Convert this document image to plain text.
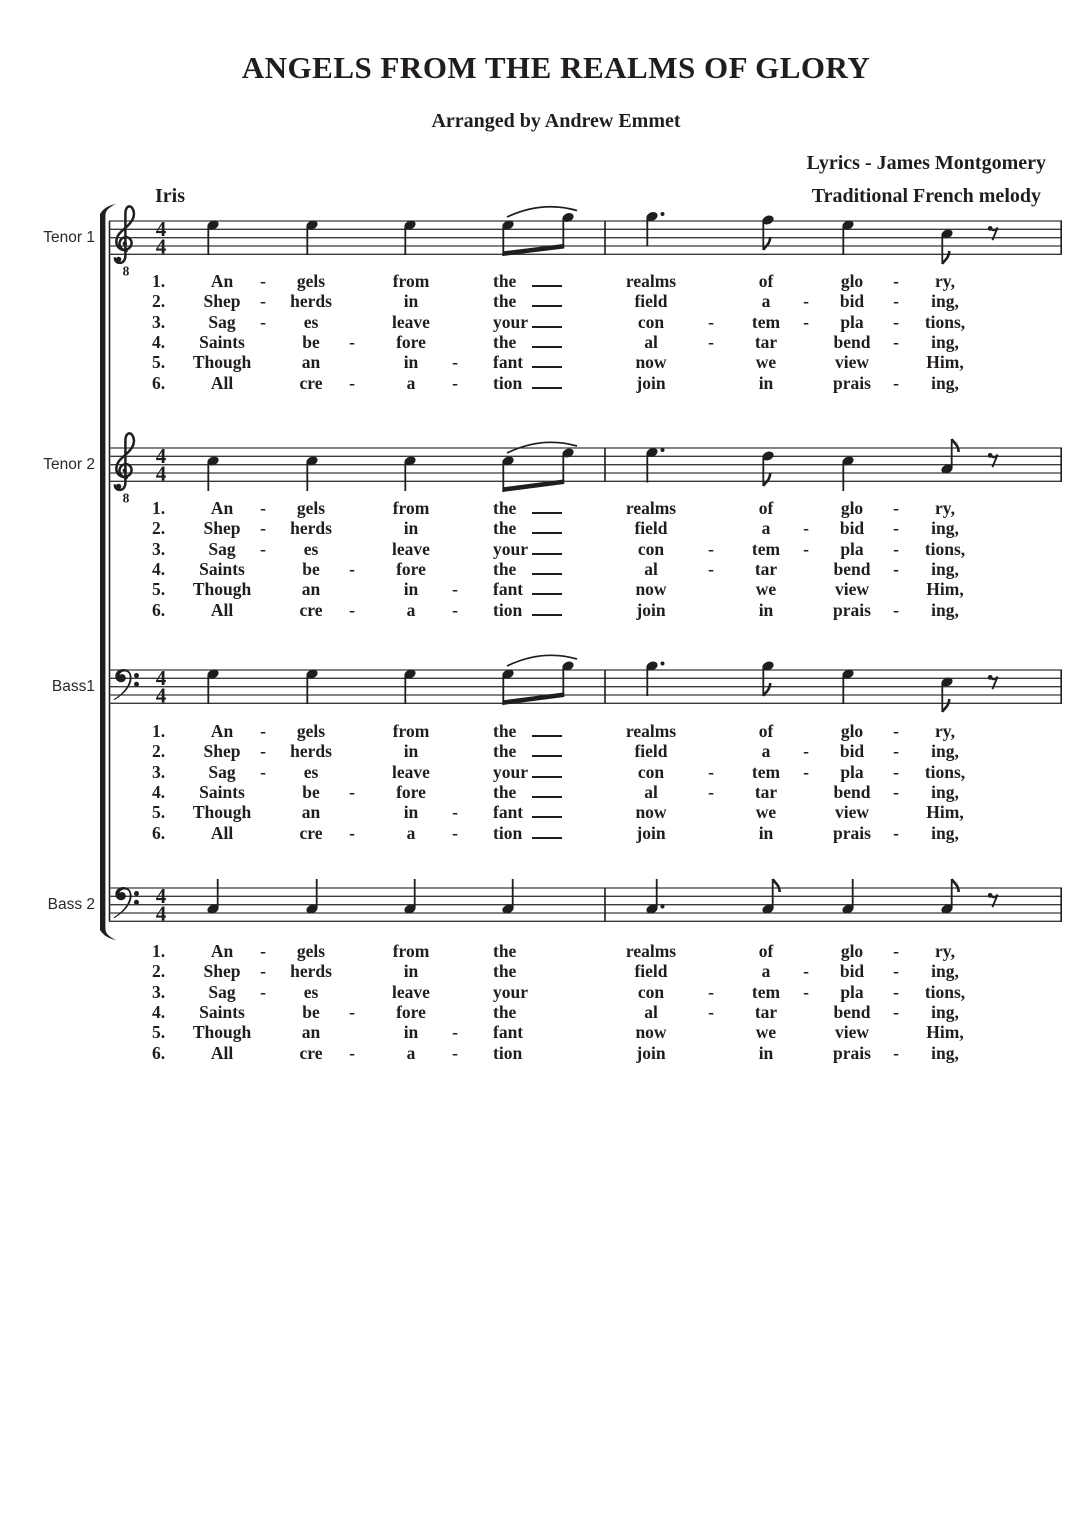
ANGELS FROM THE REALMS OF GLORY
Arranged by Andrew Emmet
Lyrics - James Montgomery
Traditional French melody
Iris
8
4
4
8
4
4
4
4
4
4
Tenor 1
Tenor 2
Bass1
Bass 2
1.	An - gels	from	the	realms	of	glo - ry,
2. Shep - herds	in	the	field	a - bid - ing,
3. Sag - es	leave	your	con	- tem - pla - tions,
4. Saints	be - fore	the	al	- tar	bend - ing,
5. Though	an	in - fant	now	we	view	Him,
6.	All	cre -	a - tion	join	in	prais - ing,
1.	An - gels	from	the	realms	of	glo - ry,
2. Shep - herds	in	the	field	a - bid - ing,
3. Sag - es	leave	your	con	- tem - pla - tions,
4. Saints	be - fore	the	al	- tar	bend - ing,
5. Though	an	in - fant	now	we	view	Him,
6.	All	cre -	a - tion	join	in	prais - ing,
1.	An - gels	from	the	realms	of	glo - ry,
2. Shep - herds	in	the	field	a - bid - ing,
3. Sag - es	leave	your	con	- tem - pla - tions,
4. Saints	be - fore	the	al	- tar	bend - ing,
5. Though	an	in - fant	now	we	view	Him,
6.	All	cre -	a - tion	join	in	prais - ing,
1.	An - gels	from	the	realms	of	glo - ry,
2. Shep - herds	in	the	field	a - bid - ing,
3. Sag - es	leave	your	con	- tem - pla - tions,
4. Saints	be - fore	the	al	- tar	bend - ing,
5. Though	an	in - fant	now	we	view	Him,
6.	All	cre -	a - tion	join	in	prais - ing,
